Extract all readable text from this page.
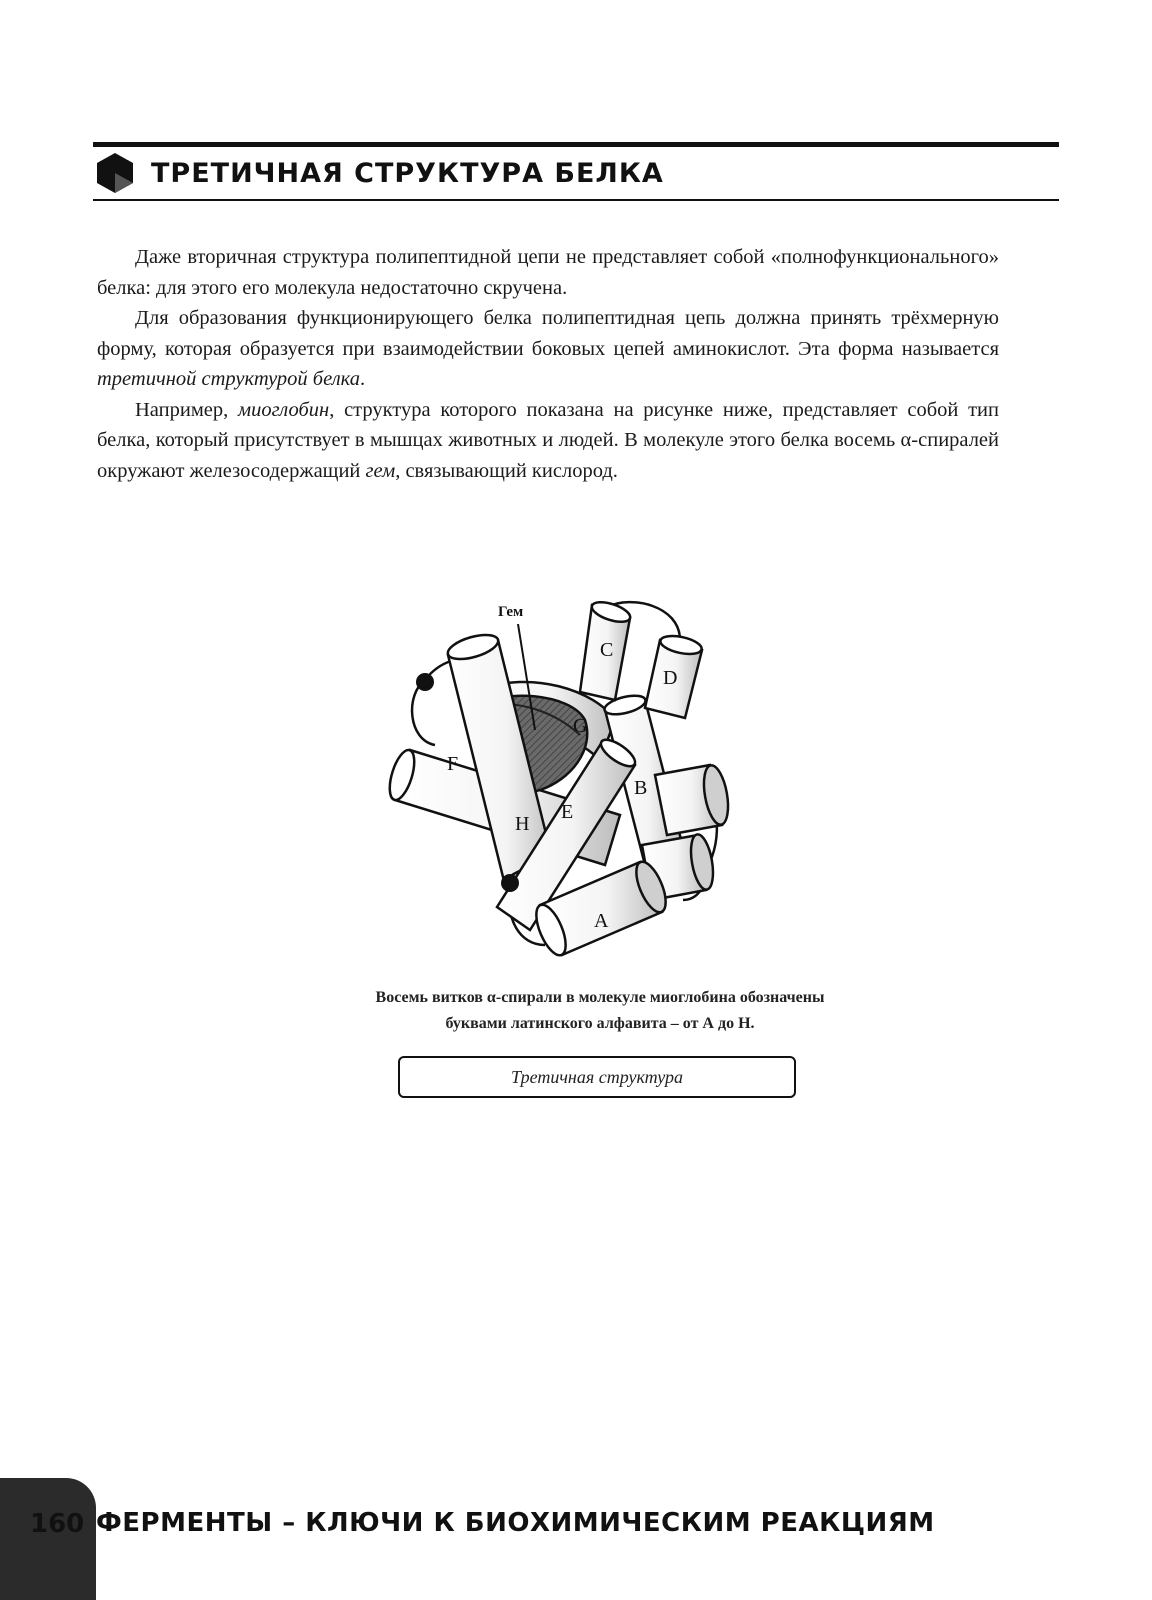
ТРЕТИЧНАЯ СТРУКТУРА БЕЛКА

Даже вторичная структура полипептидной цепи не представляет собой «полнофункционального» белка: для этого его молекула недостаточно скручена.

Для образования функционирующего белка полипептидная цепь должна принять трёхмерную форму, которая образуется при взаимодействии боковых цепей аминокислот. Эта форма называется третичной структурой белка.

Например, миоглобин, структура которого показана на рисунке ниже, представляет собой тип белка, который присутствует в мышцах животных и людей. В молекуле этого белка восемь α-спиралей окружают железосодержащий гем, связывающий кислород.

Гем
C
D
G
F
B
E
H
A
Восемь витков α-спирали в молекуле миоглобина обозначены
буквами латинского алфавита – от А до Н.
Третичная структура
160 ФЕРМЕНТЫ – КЛЮЧИ К БИОХИМИЧЕСКИМ РЕАКЦИЯМ
